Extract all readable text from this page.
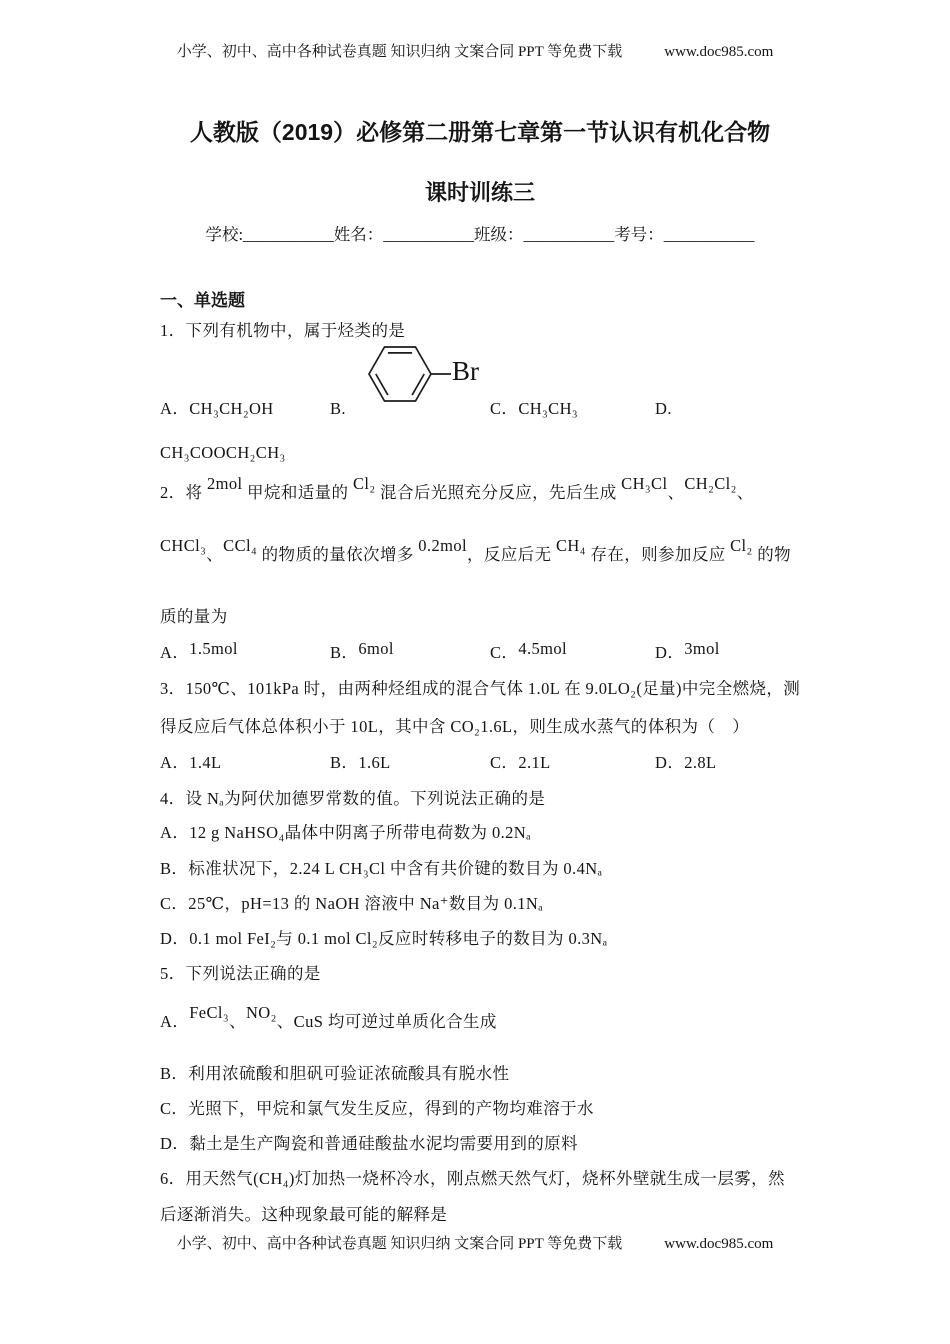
小学、初中、高中各种试卷真题 知识归纳 文案合同 PPT 等免费下载	www.doc985.com
人教版（2019）必修第二册第七章第一节认识有机化合物
课时训练三
学校:___________姓名：___________班级：___________考号：___________
一、单选题
1．下列有机物中，属于烃类的是
A．CH₃CH₂OH	B.	C．CH₃CH₃	D.
CH₃COOCH₂CH₃
2．将 2mol 甲烷和适量的 Cl₂ 混合后光照充分反应，先后生成 CH₃Cl、CH₂Cl₂、
CHCl₃、CCl₄ 的物质的量依次增多 0.2mol，反应后无 CH₄ 存在，则参加反应 Cl₂ 的物
质的量为
A．1.5mol	B．6mol	C．4.5mol	D．3mol
3．150℃、101kPa 时，由两种烃组成的混合气体 1.0L 在 9.0LO₂(足量)中完全燃烧，测
得反应后气体总体积小于 10L，其中含 CO₂1.6L，则生成水蒸气的体积为（　）
A．1.4L	B．1.6L	C．2.1L	D．2.8L
4．设 Nₐ为阿伏加德罗常数的值。下列说法正确的是
A．12 g NaHSO₄晶体中阴离子所带电荷数为 0.2Nₐ
B．标准状况下，2.24 L CH₃Cl 中含有共价键的数目为 0.4Nₐ
C．25℃，pH=13 的 NaOH 溶液中 Na⁺数目为 0.1Nₐ
D．0.1 mol FeI₂与 0.1 mol Cl₂反应时转移电子的数目为 0.3Nₐ
5．下列说法正确的是
A．FeCl₃、NO₂、CuS 均可逆过单质化合生成
B．利用浓硫酸和胆矾可验证浓硫酸具有脱水性
C．光照下，甲烷和氯气发生反应，得到的产物均难溶于水
D．黏土是生产陶瓷和普通硅酸盐水泥均需要用到的原料
6．用天然气(CH₄)灯加热一烧杯冷水，刚点燃天然气灯，烧杯外壁就生成一层雾，然
后逐渐消失。这种现象最可能的解释是
Br
小学、初中、高中各种试卷真题 知识归纳 文案合同 PPT 等免费下载	www.doc985.com
